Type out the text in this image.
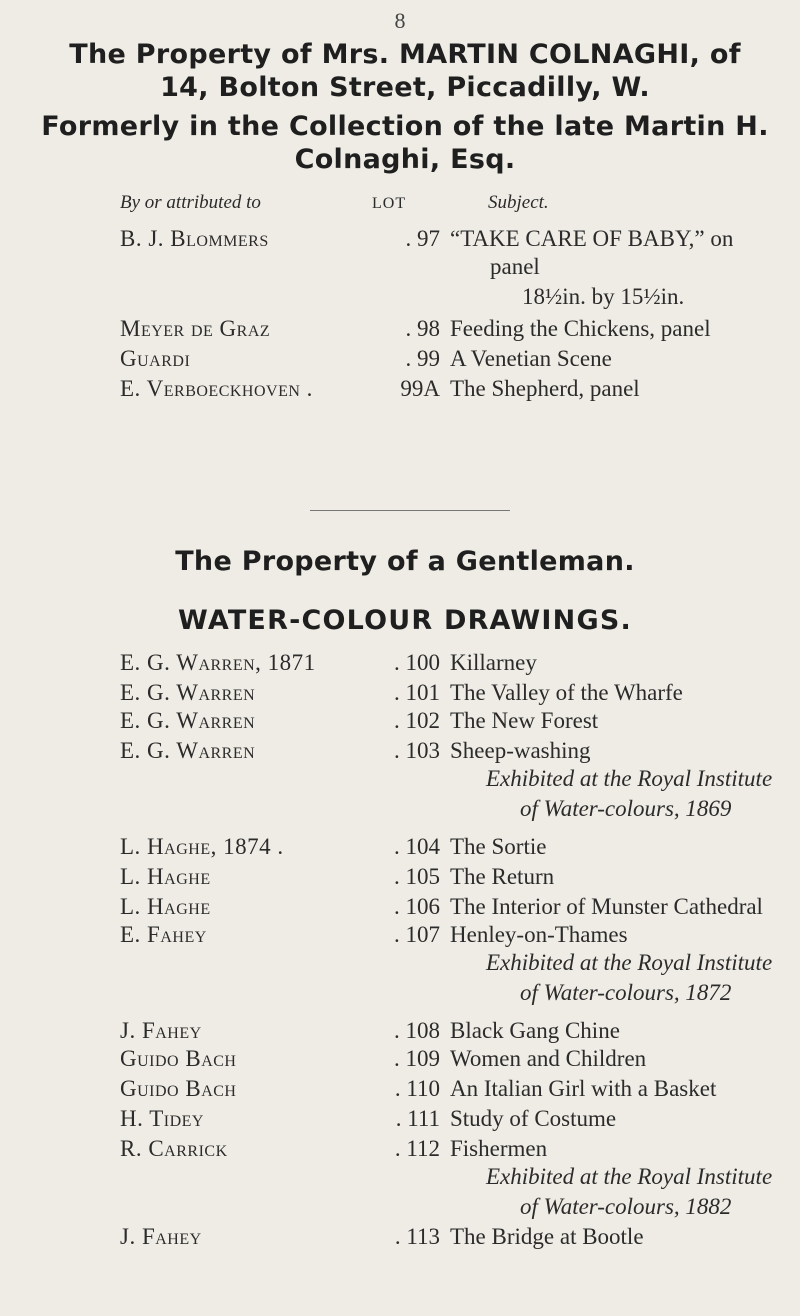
8
The Property of Mrs. MARTIN COLNAGHI, of
14, Bolton Street, Piccadilly, W.
Formerly in the Collection of the late Martin H.
Colnaghi, Esq.
By or attributed to	LOT	Subject.
B. J. Blommers	. 97 “TAKE CARE OF BABY,” on
panel
18½in. by 15½in.
Meyer de Graz	. 98 Feeding the Chickens, panel
Guardi	. 99 A Venetian Scene
E. Verboeckhoven .	99A The Shepherd, panel
The Property of a Gentleman.
WATER-COLOUR DRAWINGS.
E. G. Warren, 1871	. 100 Killarney
E. G. Warren	. 101 The Valley of the Wharfe
E. G. Warren	. 102 The New Forest
E. G. Warren	. 103 Sheep-washing
Exhibited at the Royal Institute
of Water-colours, 1869
L. Haghe, 1874 .	. 104 The Sortie
L. Haghe	. 105 The Return
L. Haghe	. 106 The Interior of Munster Cathedral
E. Fahey	. 107 Henley-on-Thames
Exhibited at the Royal Institute
of Water-colours, 1872
J. Fahey	. 108 Black Gang Chine
Guido Bach	. 109 Women and Children
Guido Bach	. 110 An Italian Girl with a Basket
H. Tidey	. 111 Study of Costume
R. Carrick	. 112 Fishermen
Exhibited at the Royal Institute
of Water-colours, 1882
J. Fahey	. 113 The Bridge at Bootle
